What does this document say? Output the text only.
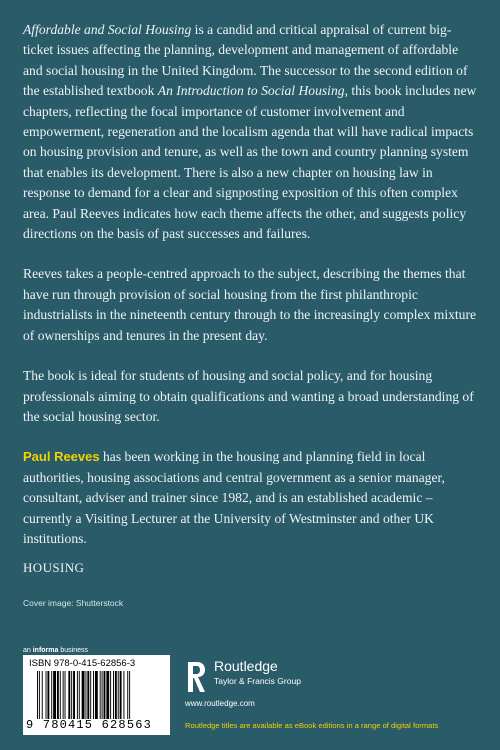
Affordable and Social Housing is a candid and critical appraisal of current big-ticket issues affecting the planning, development and management of affordable and social housing in the United Kingdom. The successor to the second edition of the established textbook An Introduction to Social Housing, this book includes new chapters, reflecting the focal importance of customer involvement and empowerment, regeneration and the localism agenda that will have radical impacts on housing provision and tenure, as well as the town and country planning system that enables its development. There is also a new chapter on housing law in response to demand for a clear and signposting exposition of this often complex area. Paul Reeves indicates how each theme affects the other, and suggests policy directions on the basis of past successes and failures.

Reeves takes a people-centred approach to the subject, describing the themes that have run through provision of social housing from the first philanthropic industrialists in the nineteenth century through to the increasingly complex mixture of ownerships and tenures in the present day.

The book is ideal for students of housing and social policy, and for housing professionals aiming to obtain qualifications and wanting a broad understanding of the social housing sector.

Paul Reeves has been working in the housing and planning field in local authorities, housing associations and central government as a senior manager, consultant, adviser and trainer since 1982, and is an established academic – currently a Visiting Lecturer at the University of Westminster and other UK institutions.

HOUSING
Cover image: Shutterstock
an informa business
ISBN 978-0-415-62856-3
9 780415 628563
Routledge
Taylor & Francis Group
www.routledge.com
Routledge titles are available as eBook editions in a range of digital formats
